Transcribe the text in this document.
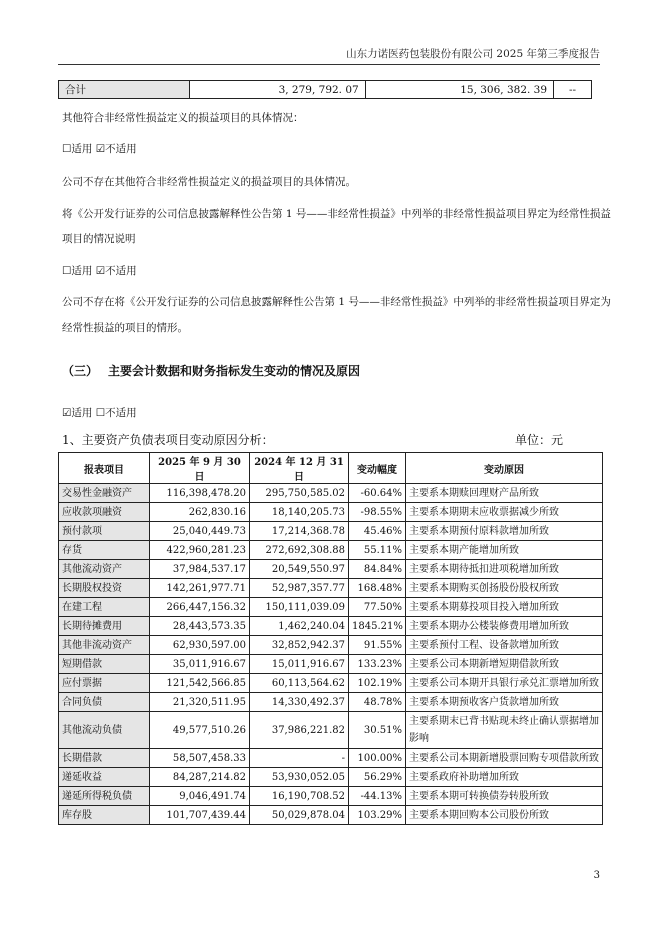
山东力诺医药包装股份有限公司 2025 年第三季度报告
合计	3, 279, 792. 07	15, 306, 382. 39	--
其他符合非经常性损益定义的损益项目的具体情况：
☐适用 ☑不适用
公司不存在其他符合非经常性损益定义的损益项目的具体情况。
将《公开发行证券的公司信息披露解释性公告第 1 号——非经常性损益》中列举的非经常性损益项目界定为经常性损益
项目的情况说明
☐适用 ☑不适用
公司不存在将《公开发行证券的公司信息披露解释性公告第 1 号——非经常性损益》中列举的非经常性损益项目界定为
经常性损益的项目的情形。
（三） 主要会计数据和财务指标发生变动的情况及原因
☑适用 ☐不适用
1、主要资产负债表项目变动原因分析：	单位：元
报表项目	2025 年 9 月 30 日	2024 年 12 月 31 日	变动幅度	变动原因
交易性金融资产	116,398,478.20	295,750,585.02	-60.64%	主要系本期赎回理财产品所致
应收款项融资	262,830.16	18,140,205.73	-98.55%	主要系本期期末应收票据减少所致
预付款项	25,040,449.73	17,214,368.78	45.46%	主要系本期预付原料款增加所致
存货	422,960,281.23	272,692,308.88	55.11%	主要系本期产能增加所致
其他流动资产	37,984,537.17	20,549,550.97	84.84%	主要系本期待抵扣进项税增加所致
长期股权投资	142,261,977.71	52,987,357.77	168.48%	主要系本期购买创扬股份股权所致
在建工程	266,447,156.32	150,111,039.09	77.50%	主要系本期募投项目投入增加所致
长期待摊费用	28,443,573.35	1,462,240.04	1845.21%	主要系本期办公楼装修费用增加所致
其他非流动资产	62,930,597.00	32,852,942.37	91.55%	主要系预付工程、设备款增加所致
短期借款	35,011,916.67	15,011,916.67	133.23%	主要系公司本期新增短期借款所致
应付票据	121,542,566.85	60,113,564.62	102.19%	主要系公司本期开具银行承兑汇票增加所致
合同负债	21,320,511.95	14,330,492.37	48.78%	主要系本期预收客户货款增加所致
其他流动负债	49,577,510.26	37,986,221.82	30.51%	主要系期末已背书贴现未终止确认票据增加影响
长期借款	58,507,458.33	-	100.00%	主要系公司本期新增股票回购专项借款所致
递延收益	84,287,214.82	53,930,052.05	56.29%	主要系政府补助增加所致
递延所得税负债	9,046,491.74	16,190,708.52	-44.13%	主要系本期可转换债券转股所致
库存股	101,707,439.44	50,029,878.04	103.29%	主要系本期回购本公司股份所致
3
